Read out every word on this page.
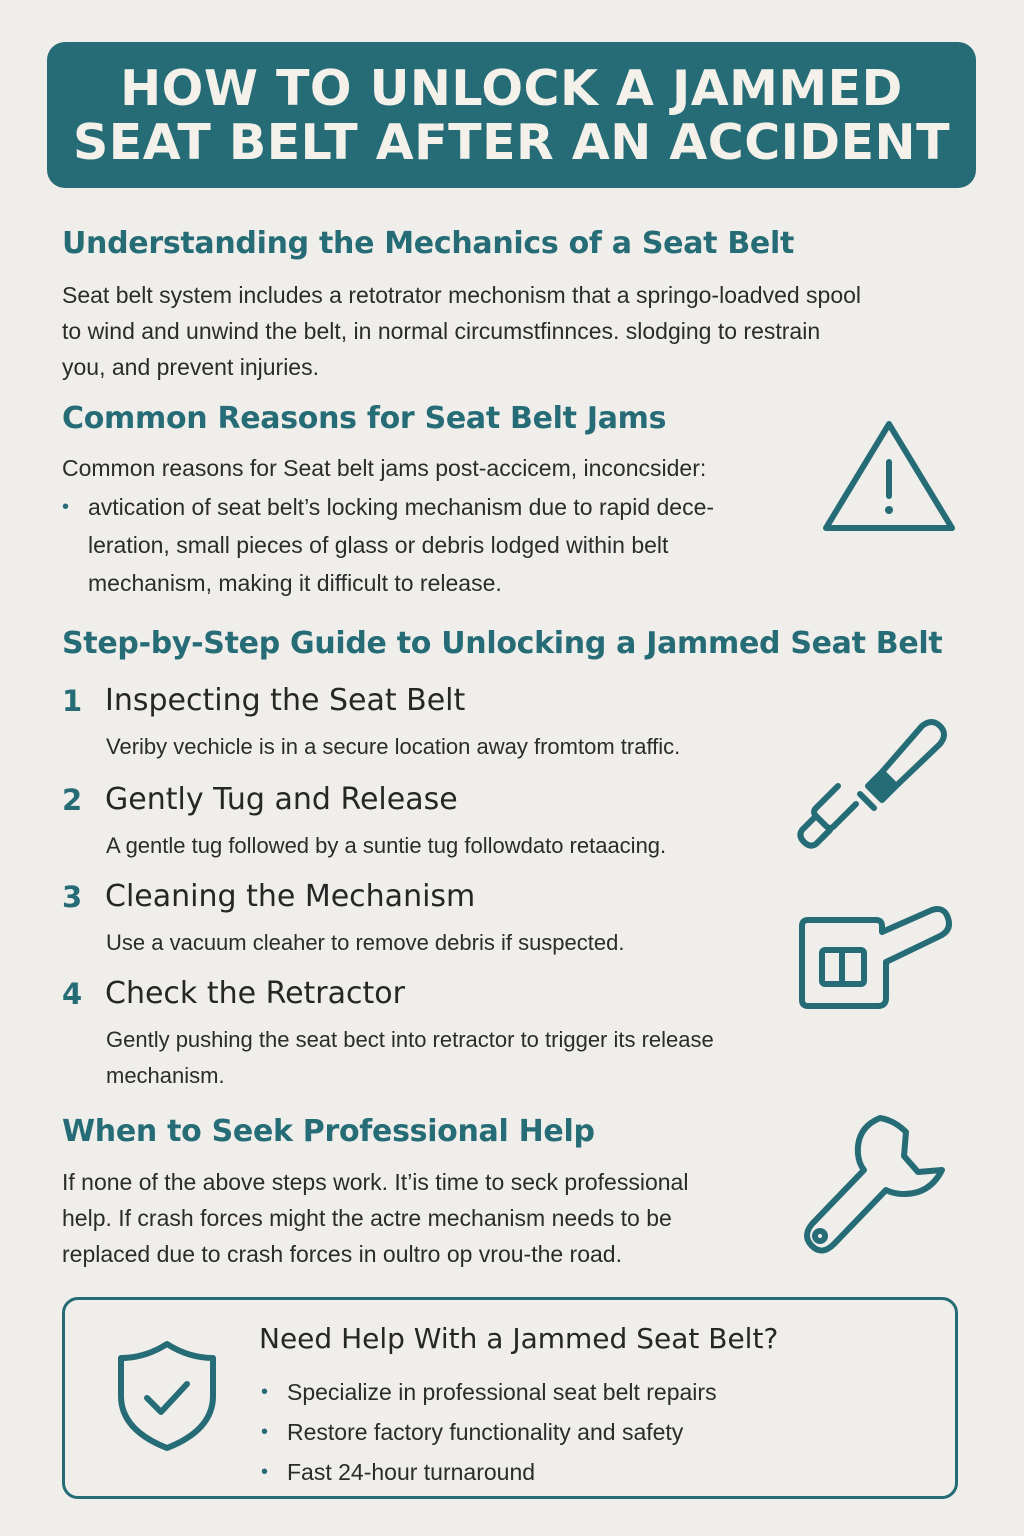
HOW TO UNLOCK A JAMMED
SEAT BELT AFTER AN ACCIDENT
Understanding the Mechanics of a Seat Belt
Seat belt system includes a retotrator mechonism that a springo-loadved spool
to wind and unwind the belt, in normal circumstfinnces. slodging to restrain
you, and prevent injuries.
Common Reasons for Seat Belt Jams
Common reasons for Seat belt jams post-accicem, inconcsider:
• avtication of seat belt’s locking mechanism due to rapid dece-
leration, small pieces of glass or debris lodged within belt
mechanism, making it difficult to release.
Step-by-Step Guide to Unlocking a Jammed Seat Belt
1 Inspecting the Seat Belt
Veriby vechicle is in a secure location away fromtom traffic.
2 Gently Tug and Release
A gentle tug followed by a suntie tug followdato retaacing.
3 Cleaning the Mechanism
Use a vacuum cleaher to remove debris if suspected.
4 Check the Retractor
Gently pushing the seat bect into retractor to trigger its release
mechanism.
When to Seek Professional Help
If none of the above steps work. It’is time to seck professional
help. If crash forces might the actre mechanism needs to be
replaced due to crash forces in oultro op vrou-the road.
Need Help With a Jammed Seat Belt?
• Specialize in professional seat belt repairs
• Restore factory functionality and safety
• Fast 24-hour turnaround
